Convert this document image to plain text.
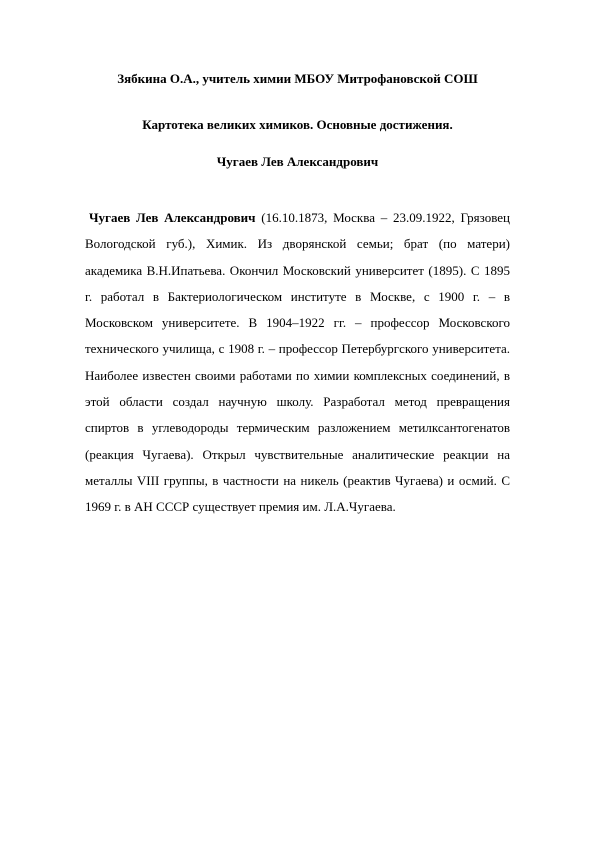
Зябкина О.А., учитель химии МБОУ Митрофановской СОШ
Картотека великих химиков. Основные достижения.
Чугаев Лев Александрович

Чугаев Лев Александрович (16.10.1873, Москва – 23.09.1922, Грязовец Вологодской губ.), Химик. Из дворянской семьи; брат (по матери) академика В.Н.Ипатьева. Окончил Московский университет (1895). С 1895 г. работал в Бактериологическом институте в Москве, с 1900 г. – в Московском университете. В 1904–1922 гг. – профессор Московского технического училища, с 1908 г. – профессор Петербургского университета. Наиболее известен своими работами по химии комплексных соединений, в этой области создал научную школу. Разработал метод превращения спиртов в углеводороды термическим разложением метилксантогенатов (реакция Чугаева). Открыл чувствительные аналитические реакции на металлы VIII группы, в частности на никель (реактив Чугаева) и осмий. С 1969 г. в АН СССР существует премия им. Л.А.Чугаева.
